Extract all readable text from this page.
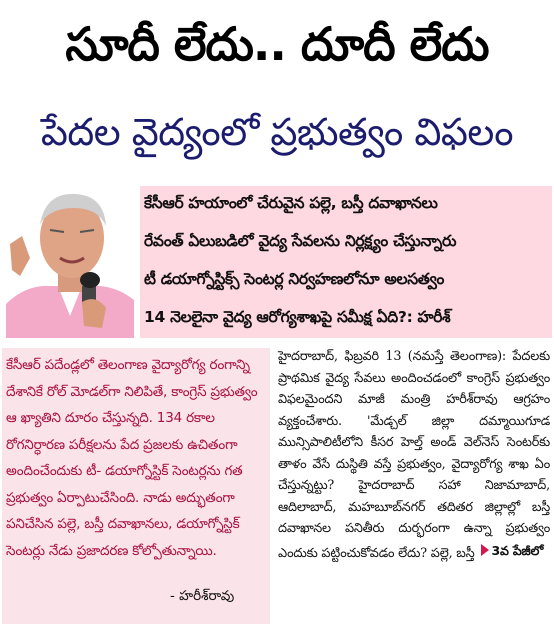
సూదీ లేదు.. దూదీ లేదు
పేదల వైద్యంలో ప్రభుత్వం విఫలం
కేసీఆర్ హయాంలో చేరువైన పల్లె, బస్తీ దవాఖానలు
రేవంత్ ఏలుబడిలో వైద్య సేవలను నిర్లక్ష్యం చేస్తున్నారు
టీ డయాగ్నోస్టిక్స్ సెంటర్ల నిర్వహణలోనూ అలసత్వం
14 నెలలైనా వైద్య ఆరోగ్యశాఖపై సమీక్ష ఏది?: హరీశ్

కేసీఆర్ పదేండ్లలో తెలంగాణ వైద్యారోగ్య రంగాన్ని దేశానికే రోల్ మోడల్‌గా నిలిపితే, కాంగ్రెస్ ప్రభుత్వం ఆ ఖ్యాతిని దూరం చేస్తున్నది. 134 రకాల రోగనిర్ధారణ పరీక్షలను పేద ప్రజలకు ఉచితంగా అందించేందుకు టీ- డయాగ్నోస్టిక్ సెంటర్లను గత ప్రభుత్వం ఏర్పాటుచేసింది. నాడు అద్భుతంగా పనిచేసిన పల్లె, బస్తీ దవాఖానలు, డయాగ్నోస్టిక్ సెంటర్లు నేడు ప్రజాదరణ కోల్పోతున్నాయి.

- హరీశ్‌రావు

హైదరాబాద్, ఫిబ్రవరి 13 (నమస్తే తెలంగాణ): పేదలకు ప్రాథమిక వైద్య సేవలు అందించడంలో కాంగ్రెస్ ప్రభుత్వం విఫలమైందని మాజీ మంత్రి హరీశ్‌రావు ఆగ్రహం వ్యక్తంచేశారు. 'మేడ్చల్ జిల్లా దమ్మాయిగూడ మున్సిపాలిటీలోని కీసర హెల్త్ అండ్ వెల్‌నెస్ సెంటర్‌కు తాళం వేసే దుస్థితి వస్తే ప్రభుత్వం, వైద్యారోగ్య శాఖ ఏం చేస్తున్నట్టు? హైదరాబాద్ సహా నిజామాబాద్, ఆదిలాబాద్, మహబూబ్‌నగర్ తదితర జిల్లాల్లో బస్తీ దవాఖానల పనితీరు దుర్భరంగా ఉన్నా ప్రభుత్వం ఎందుకు పట్టించుకోవడం లేదు? పల్లె, బస్తీ 3వ పేజీలో
